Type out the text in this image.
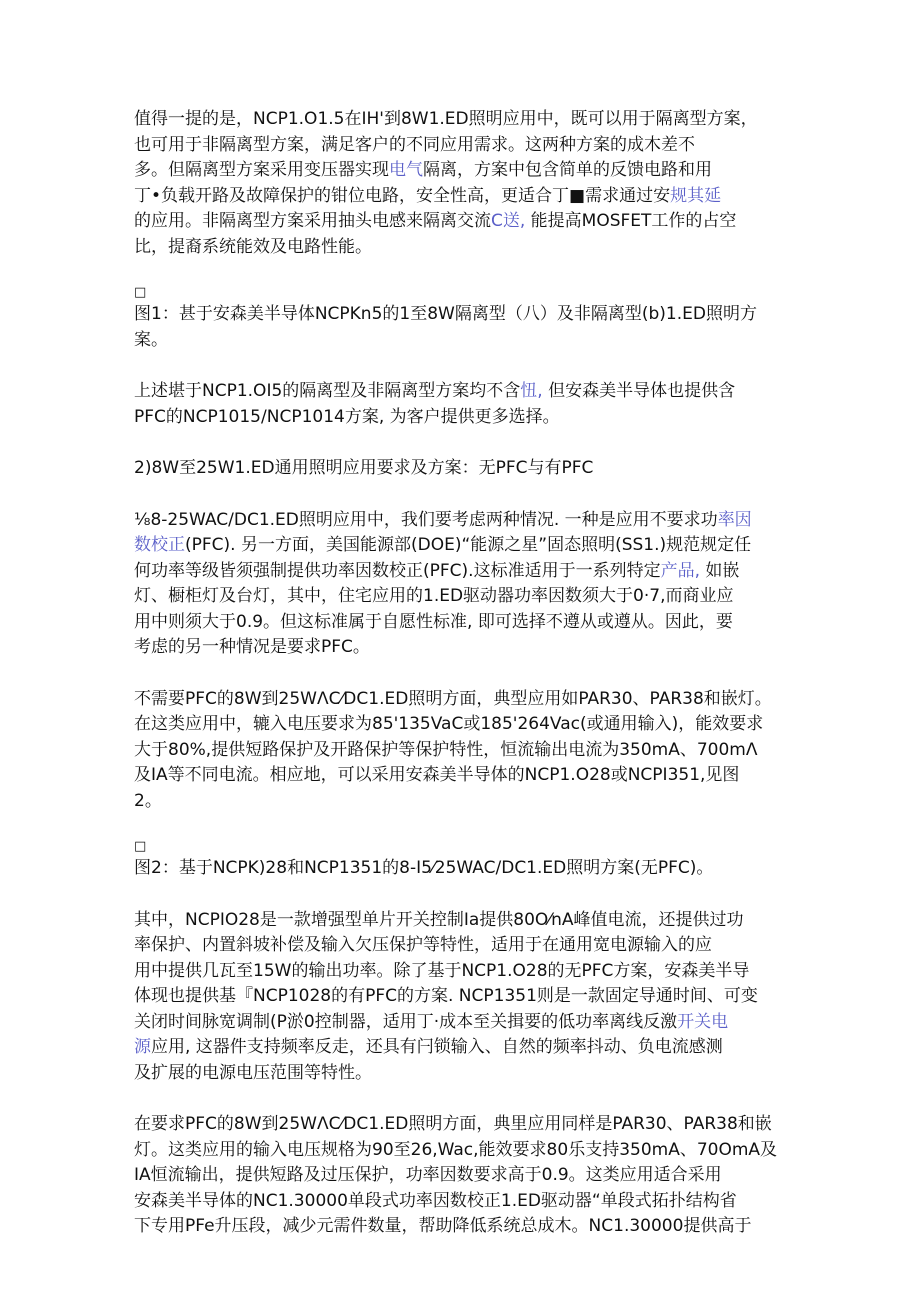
值得一提的是，NCP1.O1.5在IH'到8W1.ED照明应用中，既可以用于隔离型方案，
也可用于非隔离型方案，满足客户的不同应用需求。这两种方案的成木差不
多。但隔离型方案采用变压器实现电气隔离，方案中包含简单的反馈电路和用
丁•负载开路及故障保护的钳位电路，安全性高，更适合丁■需求通过安规其延
的应用。非隔离型方案采用抽头电感来隔离交流C送, 能提高MOSFET工作的占空
比，提裔系统能效及电路性能。

□

图1：甚于安森美半导体NCPKn5的1至8W隔离型（八）及非隔离型(b)1.ED照明方
案。

上述堪于NCP1.OI5的隔离型及非隔离型方案均不含忸, 但安森美半导体也提供含
PFC的NCP1015/NCP1014方案, 为客户提供更多选择。

2)8W至25W1.ED通用照明应用要求及方案：无PFC与有PFC

⅛8-25WAC/DC1.ED照明应用中，我们要考虑两种情况. 一种是应用不要求功率因
数校正(PFC). 另一方面，美国能源部(DOE)“能源之星”固态照明(SS1.)规范规定任
何功率等级皆须强制提供功率因数校正(PFC).这标准适用于一系列特定产品, 如嵌
灯、橱柜灯及台灯，其中，住宅应用的1.ED驱动器功率因数须大于0·7,而商业应
用中则须大于0.9。但这标准属于自愿性标准, 即可选择不遵从或遵从。因此，要
考虑的另一种情况是要求PFC。

不需要PFC的8W到25WΛC⁄DC1.ED照明方面，典型应用如PAR30、PAR38和嵌灯。
在这类应用中，辘入电压要求为85'135VaC或185'264Vac(或通用输入)，能效要求
大于80%,提供短路保护及开路保护等保护特性，恒流输出电流为350mA、700mΛ
及IA等不同电流。相应地，可以采用安森美半导体的NCP1.O28或NCPI351,见图
2。

□

图2：基于NCPK)28和NCP1351的8-I5⁄25WAC/DC1.ED照明方案(无PFC)。

其中，NCPIO28是一款增强型单片开关控制Ia提供80O⁄nA峰值电流，还提供过功
率保护、内置斜坡补偿及输入欠压保护等特性，适用于在通用宽电源输入的应
用中提供几瓦至15W的输出功率。除了基于NCP1.O28的无PFC方案，安森美半导
体现也提供基『NCP1028的有PFC的方案. NCP1351则是一款固定导通时间、可变
关闭时间脉宽调制(P淤0控制器，适用丁·成本至关揖要的低功率离线反激开关电
源应用, 这器件支持频率反走，还具有闩锁输入、自然的频率抖动、负电流感测
及扩展的电源电压范围等特性。

在要求PFC的8W到25WΛC⁄DC1.ED照明方面，典里应用同样是PAR30、PAR38和嵌
灯。这类应用的输入电压规格为90至26,Wac,能效要求80乐支持350mA、70OmA及
IA恒流输出，提供短路及过压保护，功率因数要求高于0.9。这类应用适合采用
安森美半导体的NC1.30000单段式功率因数校正1.ED驱动器“单段式拓扑结构省
下专用PFe升压段，减少元需件数量，帮助降低系统总成木。NC1.30000提供高于
